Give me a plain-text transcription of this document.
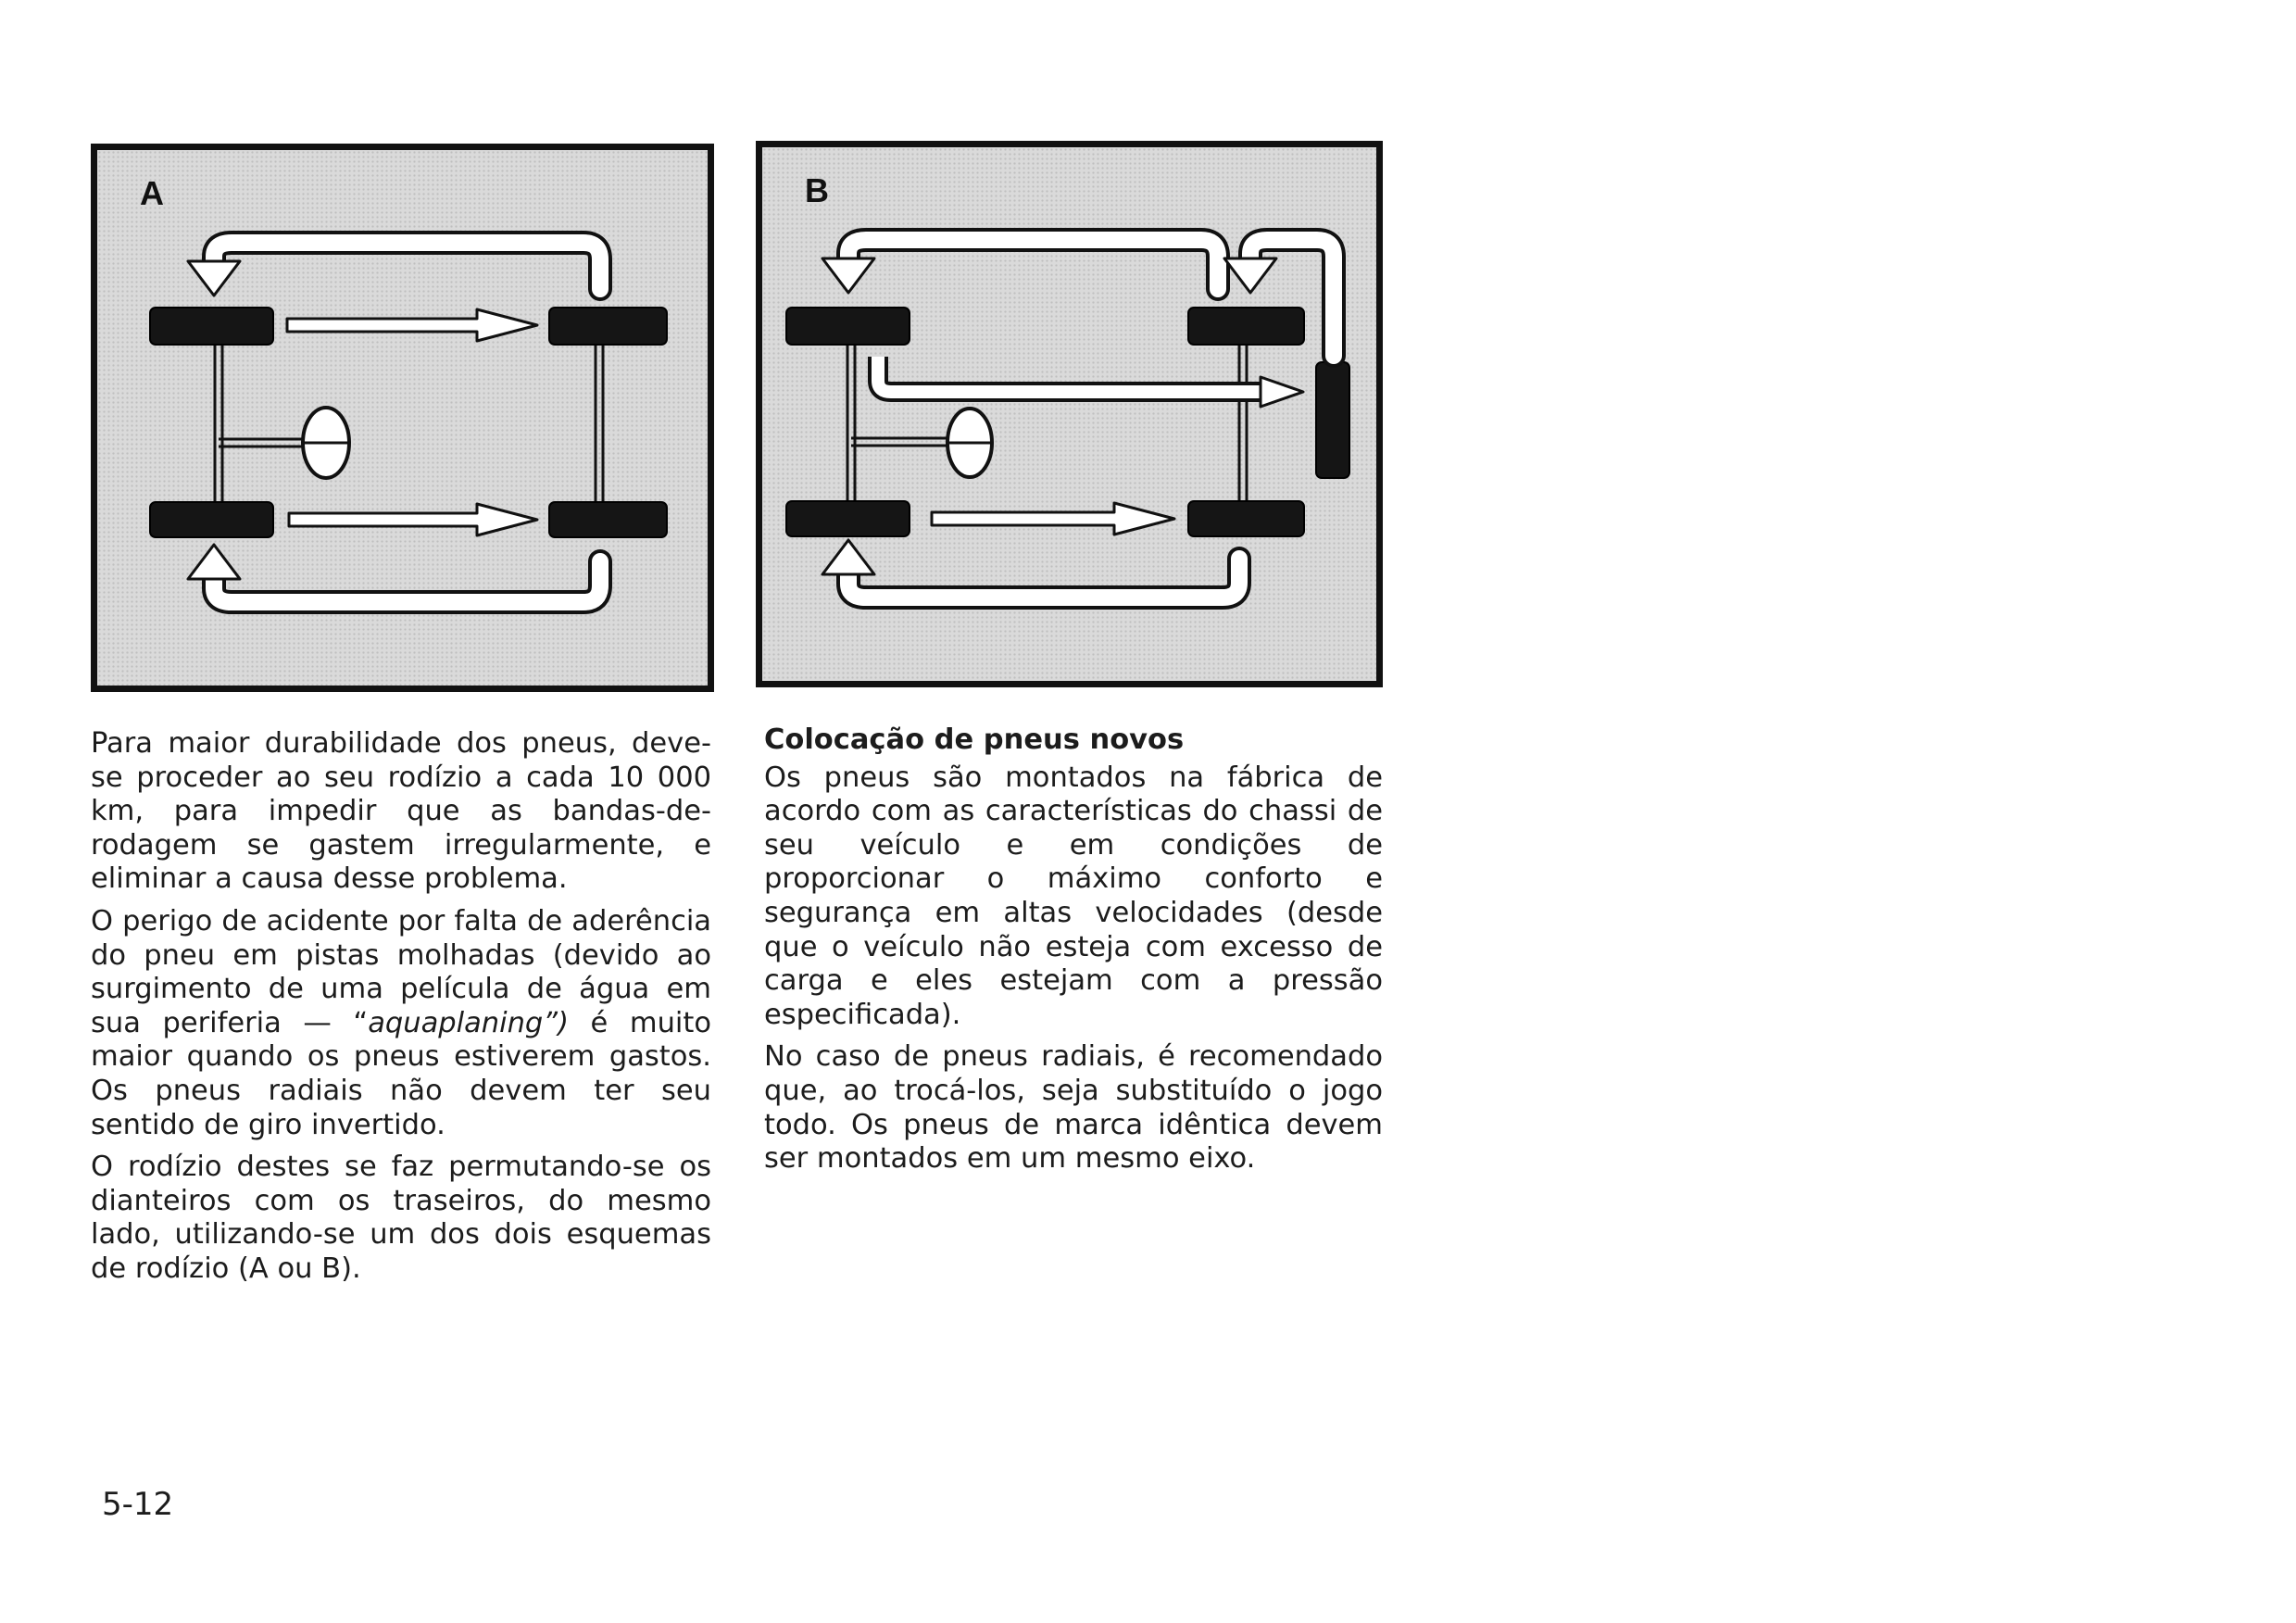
A	B

Para maior durabilidade dos pneus, deve-se proceder ao seu rodízio a cada 10 000 km, para impedir que as bandas-de-rodagem se gastem irregularmente, e eliminar a causa desse problema.

O perigo de acidente por falta de aderência do pneu em pistas molhadas (devido ao surgimento de uma película de água em sua periferia — “aquaplaning”) é muito maior quando os pneus estiverem gastos. Os pneus radiais não devem ter seu sentido de giro invertido.

O rodízio destes se faz permutando-se os dianteiros com os traseiros, do mesmo lado, utilizando-se um dos dois esquemas de rodízio (A ou B).

Colocação de pneus novos

Os pneus são montados na fábrica de acordo com as características do chassi de seu veículo e em condições de proporcionar o máximo conforto e segurança em altas velocidades (desde que o veículo não esteja com excesso de carga e eles estejam com a pressão especificada).

No caso de pneus radiais, é recomendado que, ao trocá-los, seja substituído o jogo todo. Os pneus de marca idêntica devem ser montados em um mesmo eixo.

5-12
